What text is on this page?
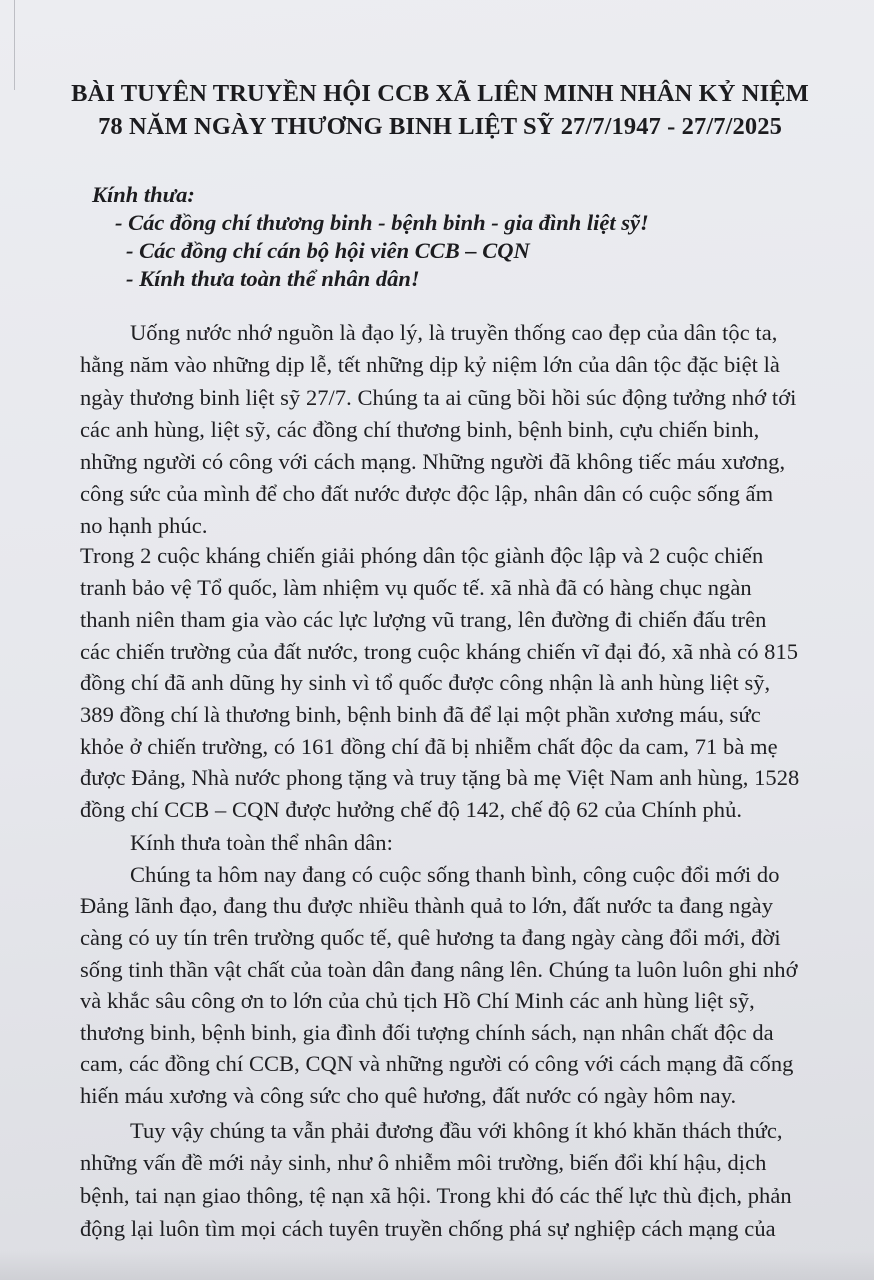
BÀI TUYÊN TRUYỀN HỘI CCB XÃ LIÊN MINH NHÂN KỶ NIỆM
78 NĂM NGÀY THƯƠNG BINH LIỆT SỸ 27/7/1947 - 27/7/2025
Kính thưa:
- Các đồng chí thương binh - bệnh binh - gia đình liệt sỹ!
- Các đồng chí cán bộ hội viên CCB – CQN
- Kính thưa toàn thể nhân dân!
Uống nước nhớ nguồn là đạo lý, là truyền thống cao đẹp của dân tộc ta,
hằng năm vào những dịp lễ, tết những dịp kỷ niệm lớn của dân tộc đặc biệt là
ngày thương binh liệt sỹ 27/7. Chúng ta ai cũng bồi hồi súc động tưởng nhớ tới
các anh hùng, liệt sỹ, các đồng chí thương binh, bệnh binh, cựu chiến binh,
những người có công với cách mạng. Những người đã không tiếc máu xương,
công sức của mình để cho đất nước được độc lập, nhân dân có cuộc sống ấm
no hạnh phúc.
Trong 2 cuộc kháng chiến giải phóng dân tộc giành độc lập và 2 cuộc chiến
tranh bảo vệ Tổ quốc, làm nhiệm vụ quốc tế. xã nhà đã có hàng chục ngàn
thanh niên tham gia vào các lực lượng vũ trang, lên đường đi chiến đấu trên
các chiến trường của đất nước, trong cuộc kháng chiến vĩ đại đó, xã nhà có 815
đồng chí đã anh dũng hy sinh vì tổ quốc được công nhận là anh hùng liệt sỹ,
389 đồng chí là thương binh, bệnh binh đã để lại một phần xương máu, sức
khỏe ở chiến trường, có 161 đồng chí đã bị nhiễm chất độc da cam, 71 bà mẹ
được Đảng, Nhà nước phong tặng và truy tặng bà mẹ Việt Nam anh hùng, 1528
đồng chí CCB – CQN được hưởng chế độ 142, chế độ 62 của Chính phủ.
Kính thưa toàn thể nhân dân:
Chúng ta hôm nay đang có cuộc sống thanh bình, công cuộc đổi mới do
Đảng lãnh đạo, đang thu được nhiều thành quả to lớn, đất nước ta đang ngày
càng có uy tín trên trường quốc tế, quê hương ta đang ngày càng đổi mới, đời
sống tinh thần vật chất của toàn dân đang nâng lên. Chúng ta luôn luôn ghi nhớ
và khắc sâu công ơn to lớn của chủ tịch Hồ Chí Minh các anh hùng liệt sỹ,
thương binh, bệnh binh, gia đình đối tượng chính sách, nạn nhân chất độc da
cam, các đồng chí CCB, CQN và những người có công với cách mạng đã cống
hiến máu xương và công sức cho quê hương, đất nước có ngày hôm nay.
Tuy vậy chúng ta vẫn phải đương đầu với không ít khó khăn thách thức,
những vấn đề mới nảy sinh, như ô nhiễm môi trường, biến đổi khí hậu, dịch
bệnh, tai nạn giao thông, tệ nạn xã hội. Trong khi đó các thế lực thù địch, phản
động lại luôn tìm mọi cách tuyên truyền chống phá sự nghiệp cách mạng của
